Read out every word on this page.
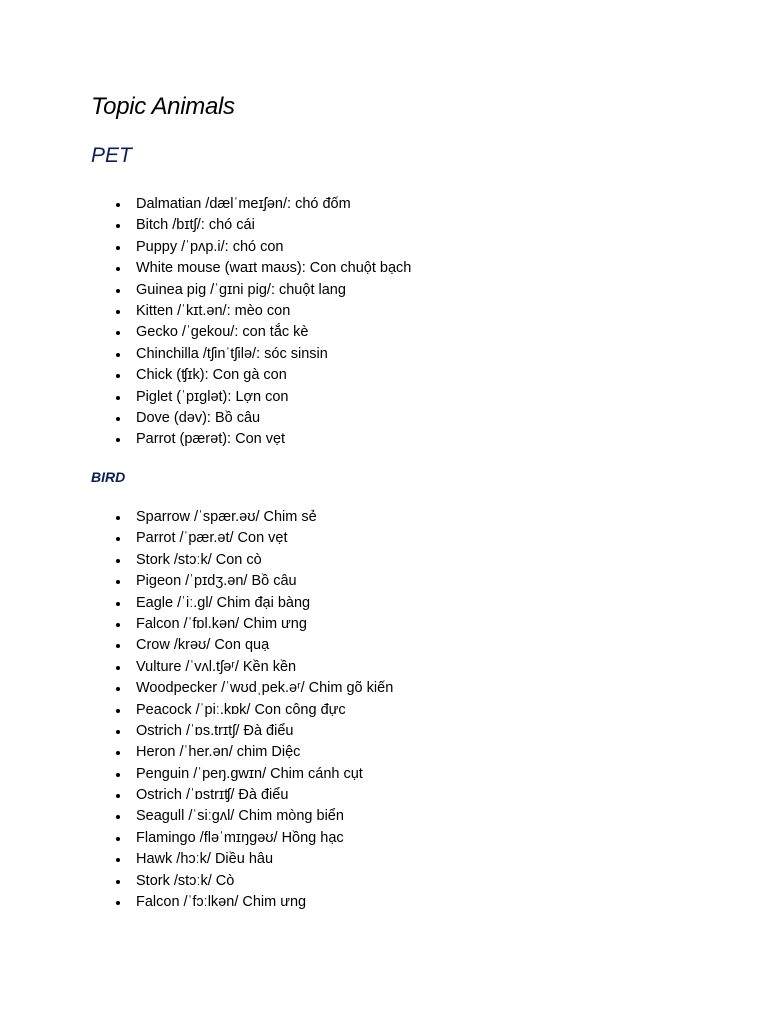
Topic Animals
PET
Dalmatian /dælˈmeɪʃən/: chó đốm
Bitch /bɪtʃ/: chó cái
Puppy /ˈpʌp.i/: chó con
White mouse (waɪt maʊs): Con chuột bạch
Guinea pig /ˈgɪni pig/: chuột lang
Kitten /ˈkɪt.ən/: mèo con
Gecko /ˈgekou/: con tắc kè
Chinchilla /tʃinˈtʃilə/: sóc sinsin
Chick (ʧɪk): Con gà con
Piglet (ˈpɪglət): Lợn con
Dove (dəv): Bồ câu
Parrot (pærət): Con vẹt
BIRD
Sparrow /ˈspær.əʊ/ Chim sẻ
Parrot /ˈpær.ət/ Con vẹt
Stork /stɔːk/ Con cò
Pigeon /ˈpɪdʒ.ən/ Bồ câu
Eagle /ˈiː.gl/ Chim đại bàng
Falcon /ˈfɒl.kən/ Chim ưng
Crow /krəʊ/ Con quạ
Vulture /ˈvʌl.tʃəʳ/ Kền kền
Woodpecker /ˈwʊdˌpek.əʳ/ Chim gõ kiến
Peacock /ˈpiː.kɒk/ Con công đực
Ostrich /ˈɒs.trɪtʃ/ Đà điểu
Heron /ˈher.ən/ chim Diệc
Penguin /ˈpeŋ.gwɪn/ Chim cánh cụt
Ostrich /ˈɒstrɪʧ/ Đà điểu
Seagull /ˈsiːgʌl/ Chim mòng biển
Flamingo /fləˈmɪŋgəʊ/ Hồng hạc
Hawk /hɔːk/ Diều hâu
Stork /stɔːk/ Cò
Falcon /ˈfɔːlkən/ Chim ưng
